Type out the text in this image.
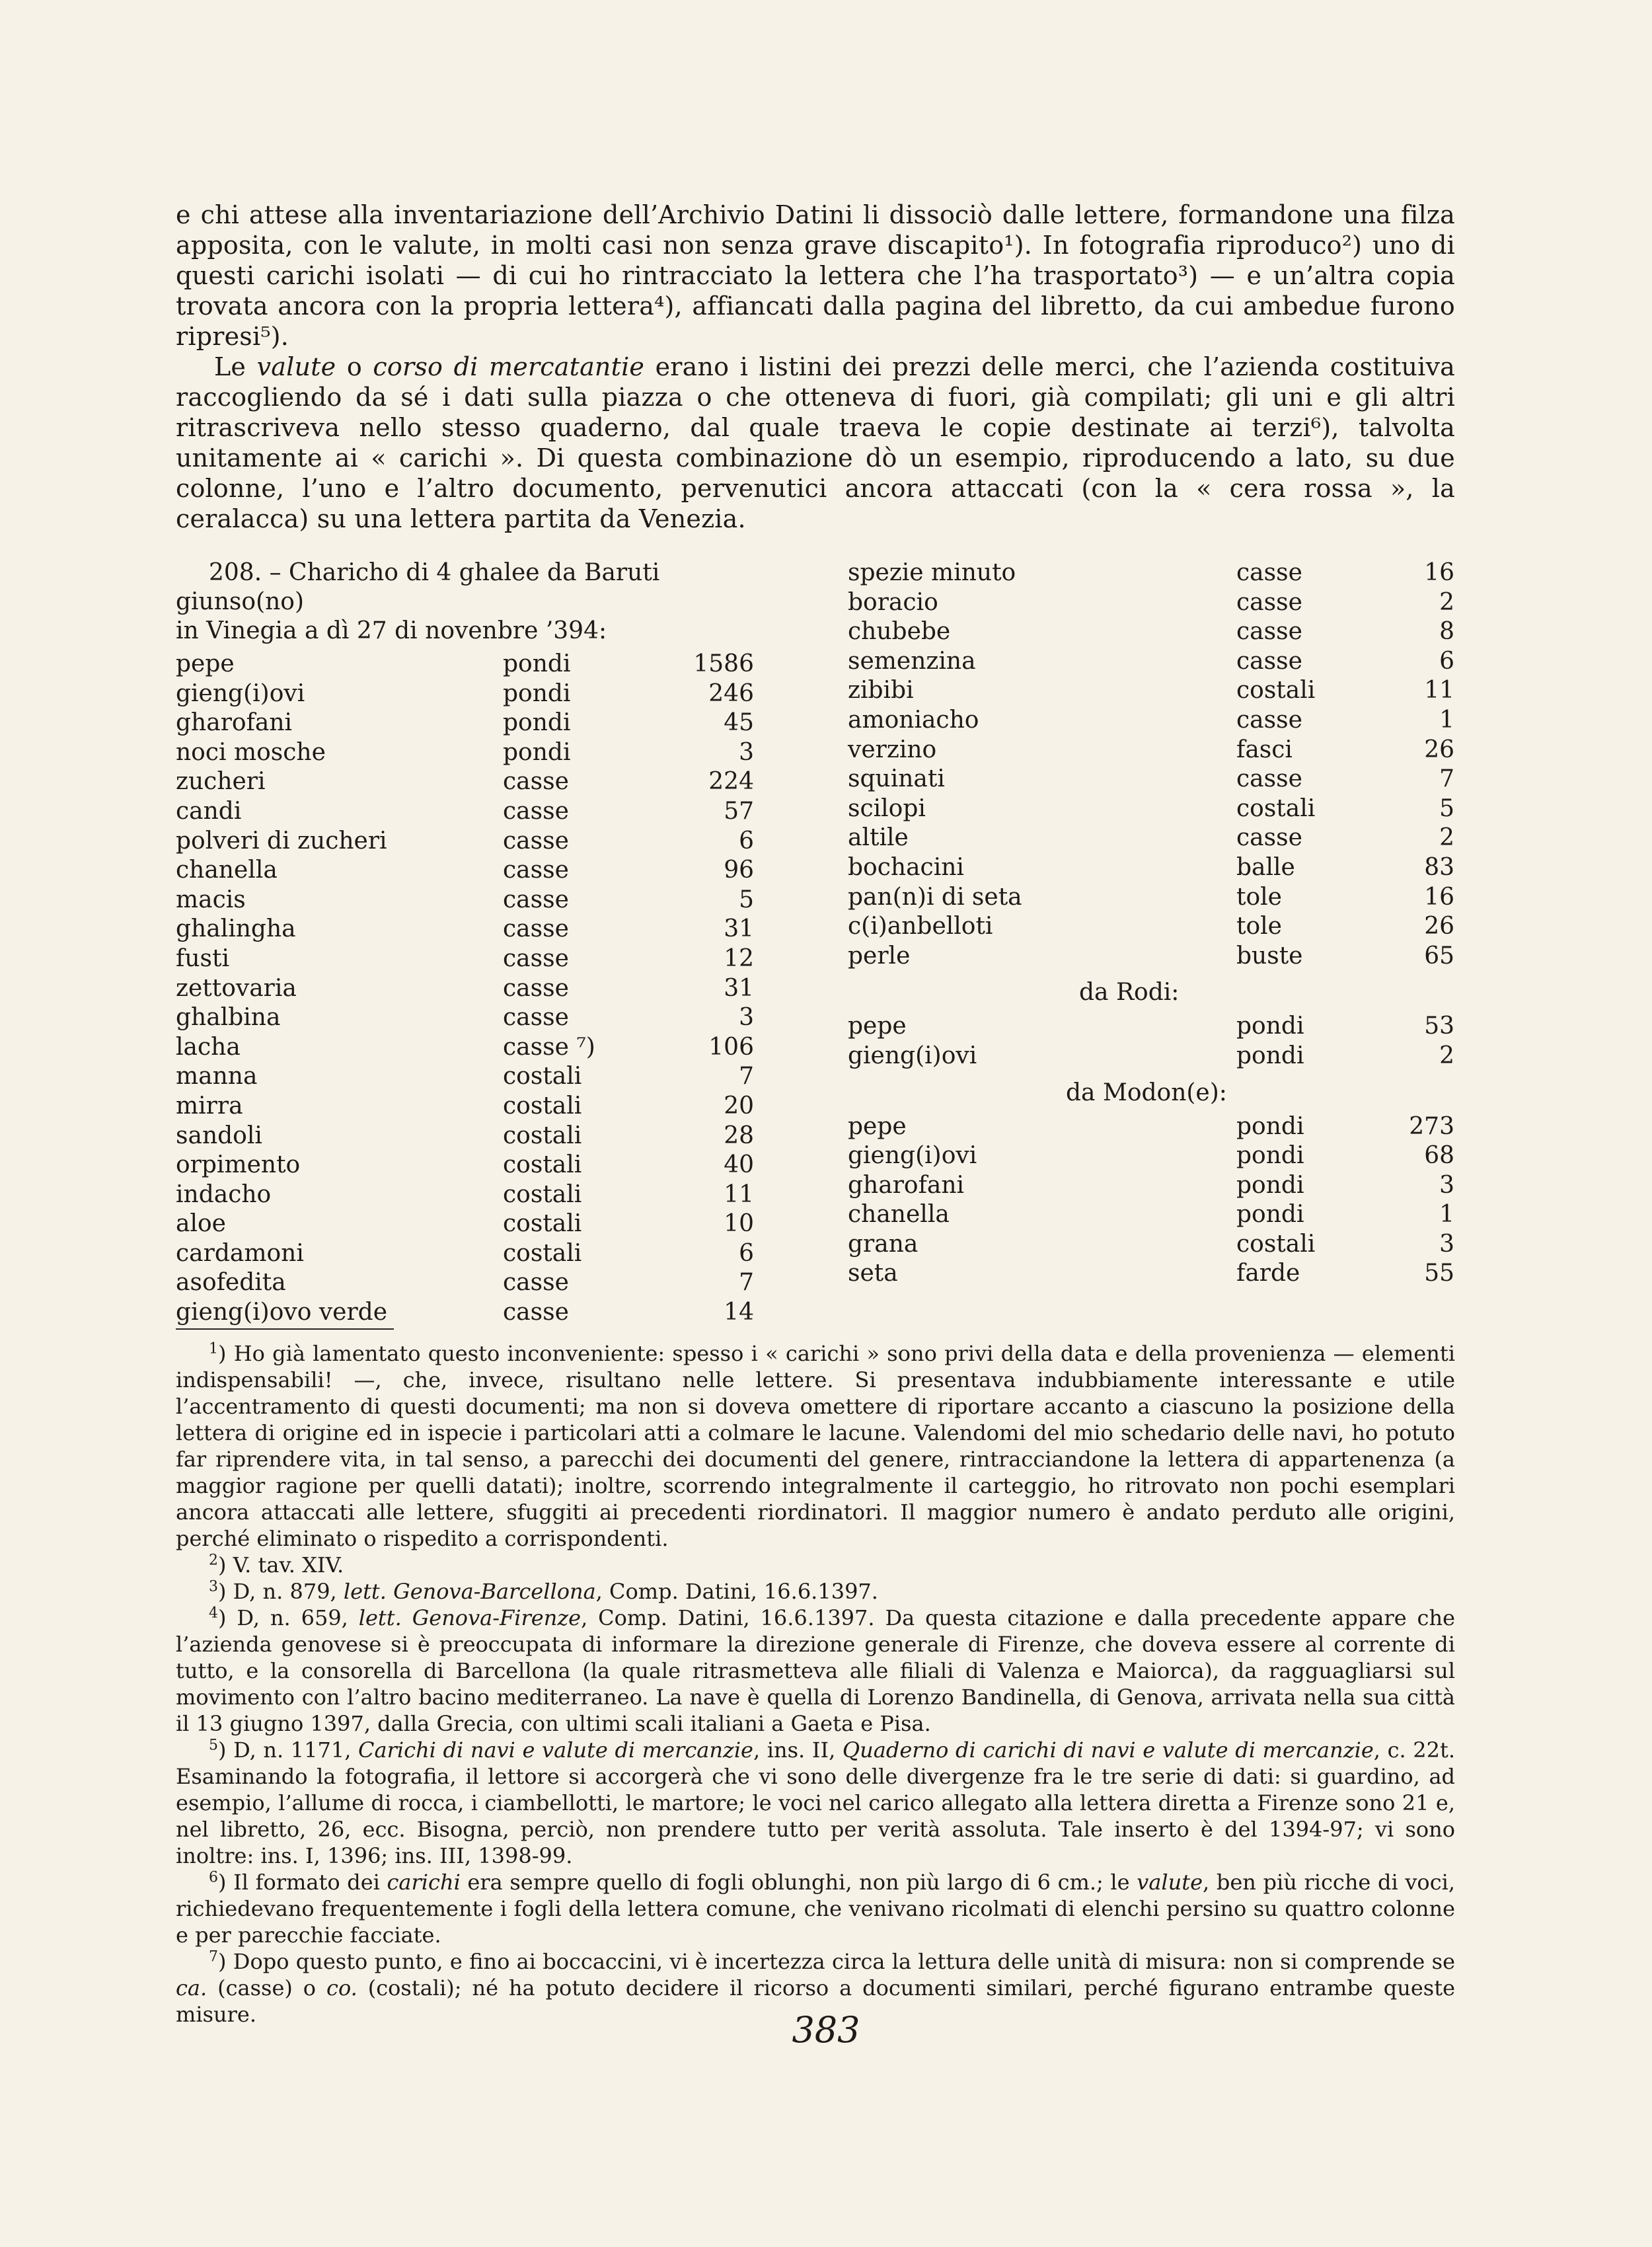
e chi attese alla inventariazione dell’Archivio Datini li dissociò dalle lettere, formandone una filza apposita, con le valute, in molti casi non senza grave discapito¹). In fotografia riproduco²) uno di questi carichi isolati — di cui ho rintracciato la lettera che l’ha trasportato³) — e un’altra copia trovata ancora con la propria lettera⁴), affiancati dalla pagina del libretto, da cui ambedue furono ripresi⁵).

Le valute o corso di mercatantie erano i listini dei prezzi delle merci, che l’azienda costituiva raccogliendo da sé i dati sulla piazza o che otteneva di fuori, già compilati; gli uni e gli altri ritrascriveva nello stesso quaderno, dal quale traeva le copie destinate ai terzi⁶), talvolta unitamente ai « carichi ». Di questa combinazione dò un esempio, riproducendo a lato, su due colonne, l’uno e l’altro documento, pervenutici ancora attaccati (con la « cera rossa », la ceralacca) su una lettera partita da Venezia.

208. – Charicho di 4 ghalee da Baruti giunso(no)
in Vinegia a dì 27 di novenbre ’394:
pepe	pondi	1586
gieng(i)ovi	pondi	246
gharofani	pondi	45
noci mosche	pondi	3
zucheri	casse	224
candi	casse	57
polveri di zucheri	casse	6
chanella	casse	96
macis	casse	5
ghalingha	casse	31
fusti	casse	12
zettovaria	casse	31
ghalbina	casse	3
lacha	casse ⁷)	106
manna	costali	7
mirra	costali	20
sandoli	costali	28
orpimento	costali	40
indacho	costali	11
aloe	costali	10
cardamoni	costali	6
asofedita	casse	7
gieng(i)ovo verde	casse	14
spezie minuto	casse	16
boracio	casse	2
chubebe	casse	8
semenzina	casse	6
zibibi	costali	11
amoniacho	casse	1
verzino	fasci	26
squinati	casse	7
scilopi	costali	5
altile	casse	2
bochacini	balle	83
pan(n)i di seta	tole	16
c(i)anbelloti	tole	26
perle	buste	65
da Rodi:
pepe	pondi	53
gieng(i)ovi	pondi	2
da Modon(e):
pepe	pondi	273
gieng(i)ovi	pondi	68
gharofani	pondi	3
chanella	pondi	1
grana	costali	3
seta	farde	55

$^1$) Ho già lamentato questo inconveniente: spesso i « carichi » sono privi della data e della provenienza — elementi indispensabili! —, che, invece, risultano nelle lettere. Si presentava indubbiamente interessante e utile l’accentramento di questi documenti; ma non si doveva omettere di riportare accanto a ciascuno la posizione della lettera di origine ed in ispecie i particolari atti a colmare le lacune. Valendomi del mio schedario delle navi, ho potuto far riprendere vita, in tal senso, a parecchi dei documenti del genere, rintracciandone la lettera di appartenenza (a maggior ragione per quelli datati); inoltre, scorrendo integralmente il carteggio, ho ritrovato non pochi esemplari ancora attaccati alle lettere, sfuggiti ai precedenti riordinatori. Il maggior numero è andato perduto alle origini, perché eliminato o rispedito a corrispondenti.

$^2$) V. tav. XIV.

$^3$) D, n. 879, lett. Genova-Barcellona, Comp. Datini, 16.6.1397.

$^4$) D, n. 659, lett. Genova-Firenze, Comp. Datini, 16.6.1397. Da questa citazione e dalla precedente appare che l’azienda genovese si è preoccupata di informare la direzione generale di Firenze, che doveva essere al corrente di tutto, e la consorella di Barcellona (la quale ritrasmetteva alle filiali di Valenza e Maiorca), da ragguagliarsi sul movimento con l’altro bacino mediterraneo. La nave è quella di Lorenzo Bandinella, di Genova, arrivata nella sua città il 13 giugno 1397, dalla Grecia, con ultimi scali italiani a Gaeta e Pisa.

$^5$) D, n. 1171, Carichi di navi e valute di mercanzie, ins. II, Quaderno di carichi di navi e valute di mercanzie, c. 22t. Esaminando la fotografia, il lettore si accorgerà che vi sono delle divergenze fra le tre serie di dati: si guardino, ad esempio, l’allume di rocca, i ciambellotti, le martore; le voci nel carico allegato alla lettera diretta a Firenze sono 21 e, nel libretto, 26, ecc. Bisogna, perciò, non prendere tutto per verità assoluta. Tale inserto è del 1394-97; vi sono inoltre: ins. I, 1396; ins. III, 1398-99.

$^6$) Il formato dei carichi era sempre quello di fogli oblunghi, non più largo di 6 cm.; le valute, ben più ricche di voci, richiedevano frequentemente i fogli della lettera comune, che venivano ricolmati di elenchi persino su quattro colonne e per parecchie facciate.

$^7$) Dopo questo punto, e fino ai boccaccini, vi è incertezza circa la lettura delle unità di misura: non si comprende se ca. (casse) o co. (costali); né ha potuto decidere il ricorso a documenti similari, perché figurano entrambe queste misure.	383
